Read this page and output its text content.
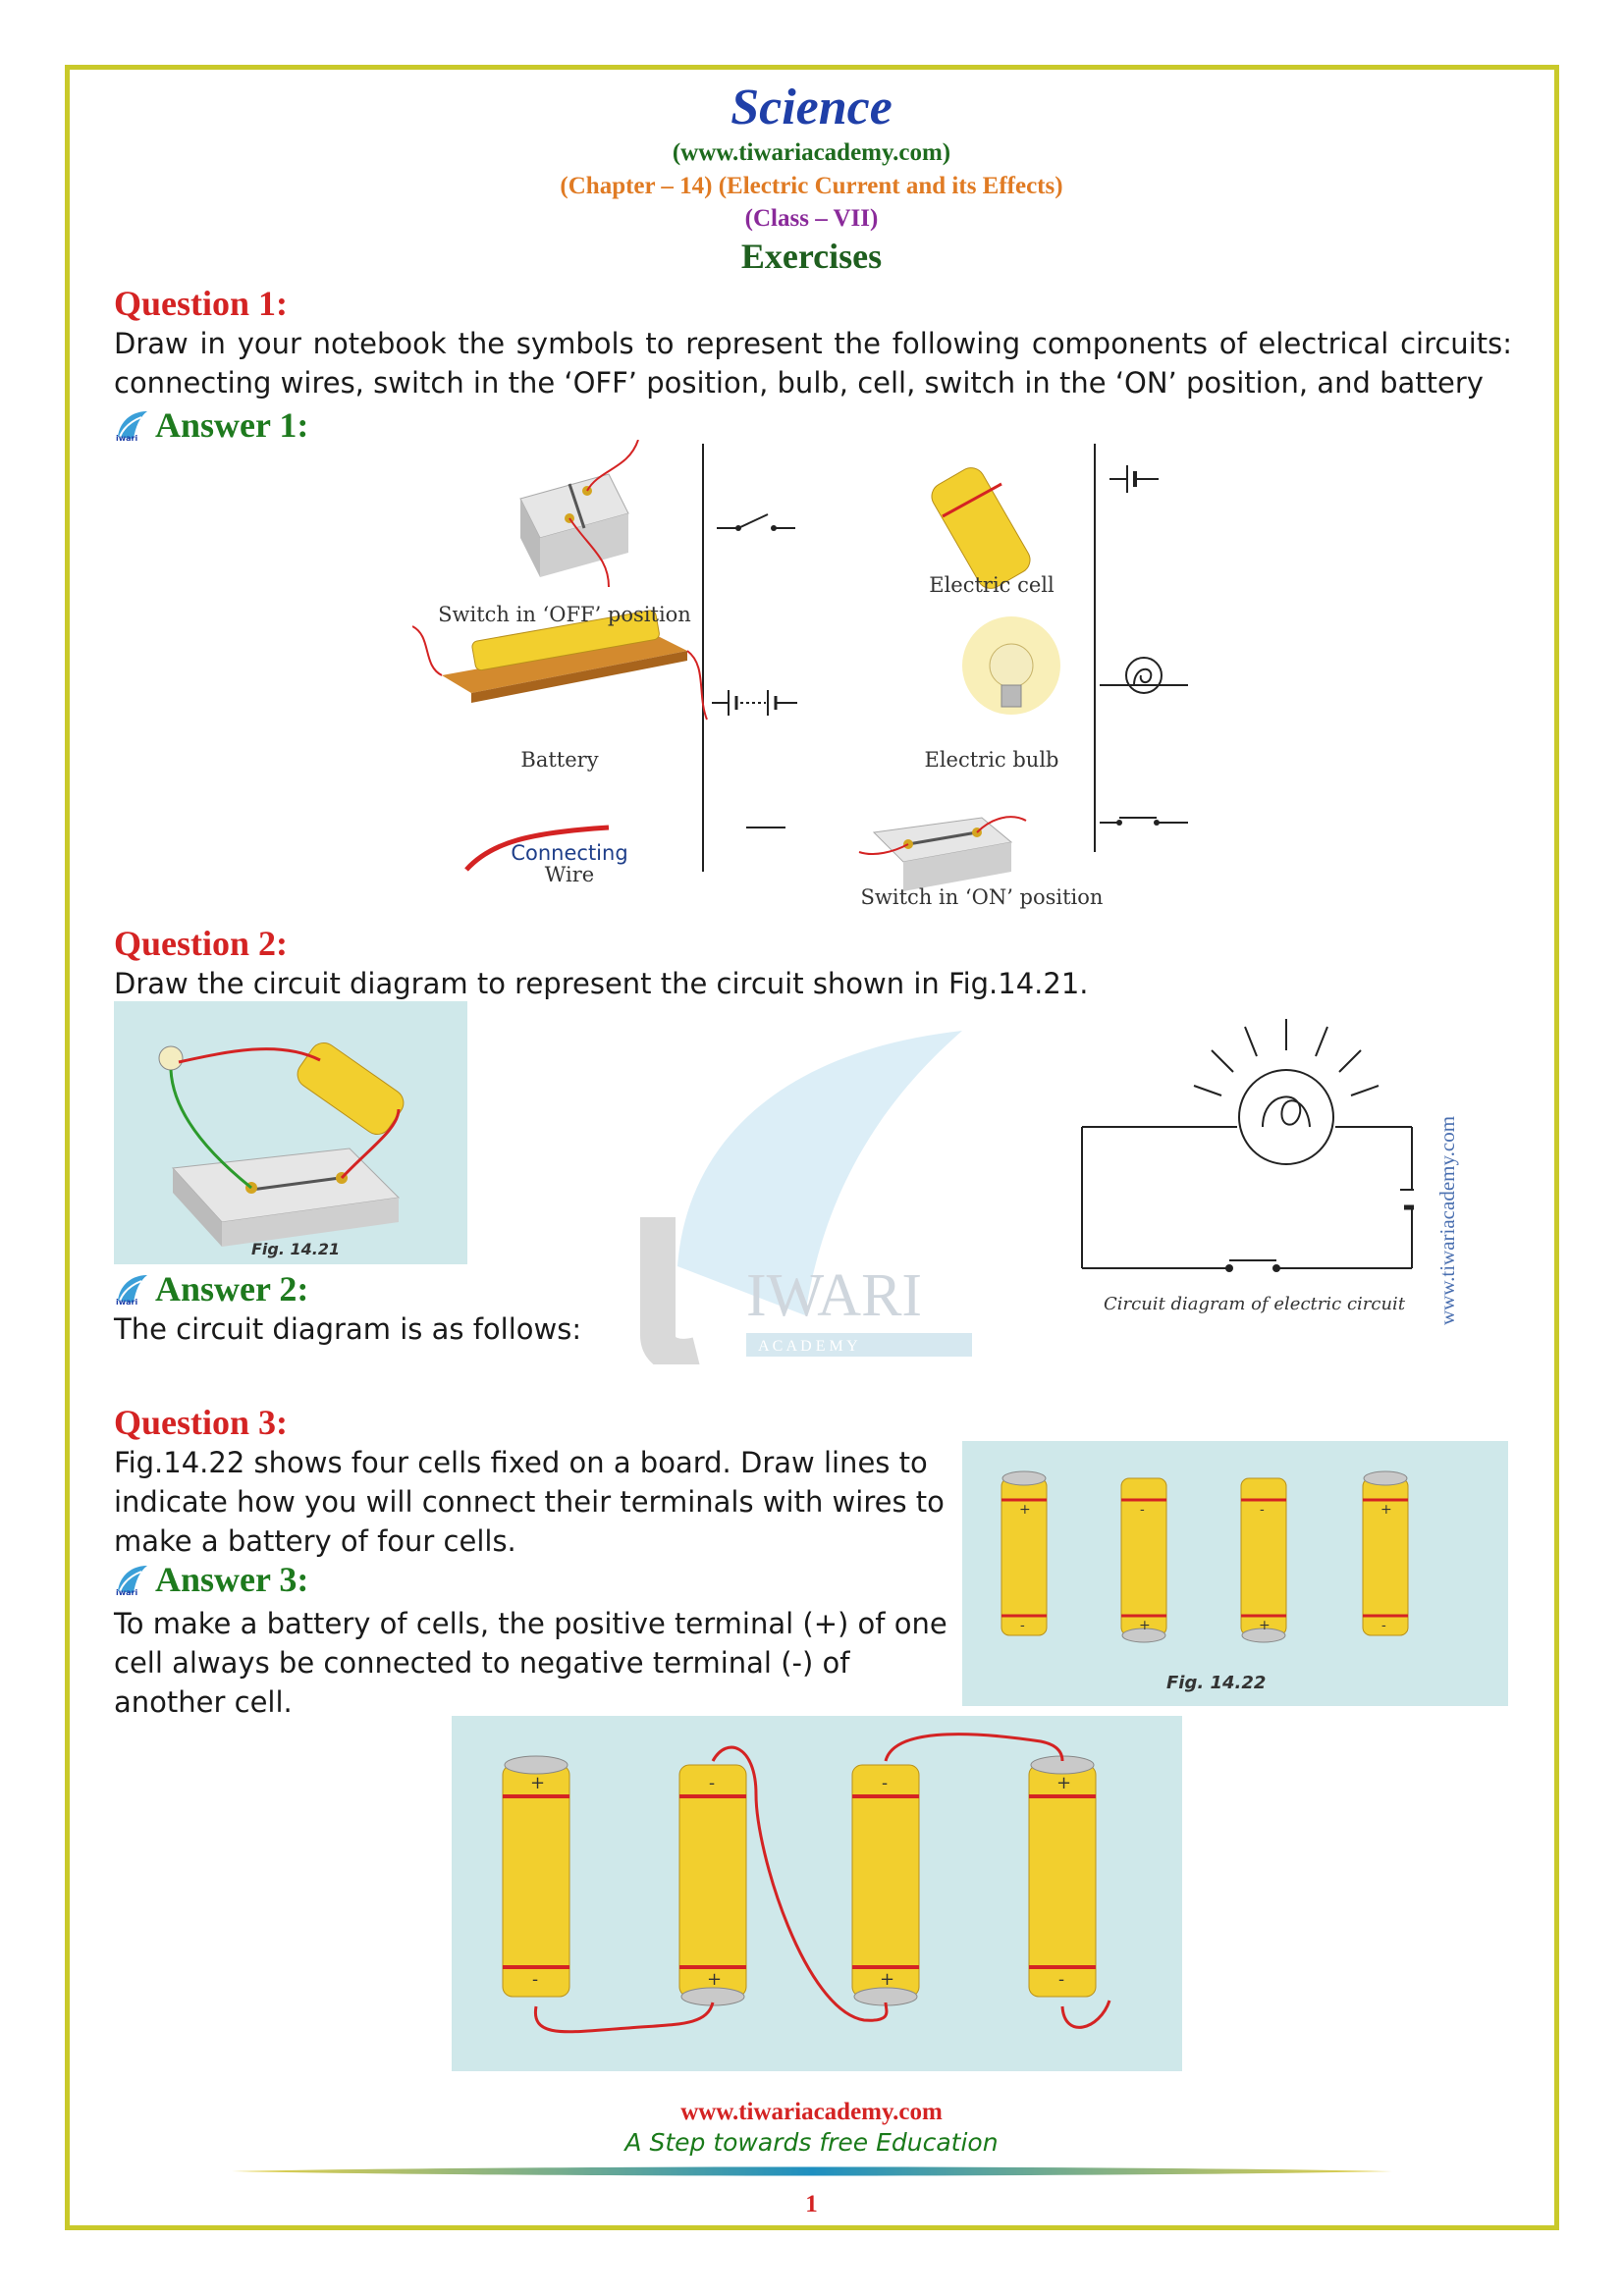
Science
(www.tiwariacademy.com)
(Chapter – 14) (Electric Current and its Effects)
(Class – VII)
Exercises
Question 1:
Draw in your notebook the symbols to represent the following components of electrical circuits: connecting wires, switch in the ‘OFF’ position, bulb, cell, switch in the ‘ON’ position, and battery
iwari Answer 1:
Switch in ‘OFF’ position
Battery
Connecting
Wire
Electric cell
Electric bulb
Switch in ‘ON’ position
IWARI
A C A D E M Y
Question 2:
Draw the circuit diagram to represent the circuit shown in Fig.14.21.
Fig. 14.21
iwari Answer 2:
The circuit diagram is as follows:
Circuit diagram of electric circuit www.tiwariacademy.com
Question 3:
Fig.14.22 shows four cells fixed on a board. Draw lines to indicate how you will connect their terminals with wires to make a battery of four cells.
iwari Answer 3:
To make a battery of cells, the positive terminal (+) of one cell always be connected to negative terminal (-) of another cell.
+
-
-
+
-
+
+
-
Fig. 14.22
+
-
-
+
-
+
+
-
www.tiwariacademy.com
A Step towards free Education
1
